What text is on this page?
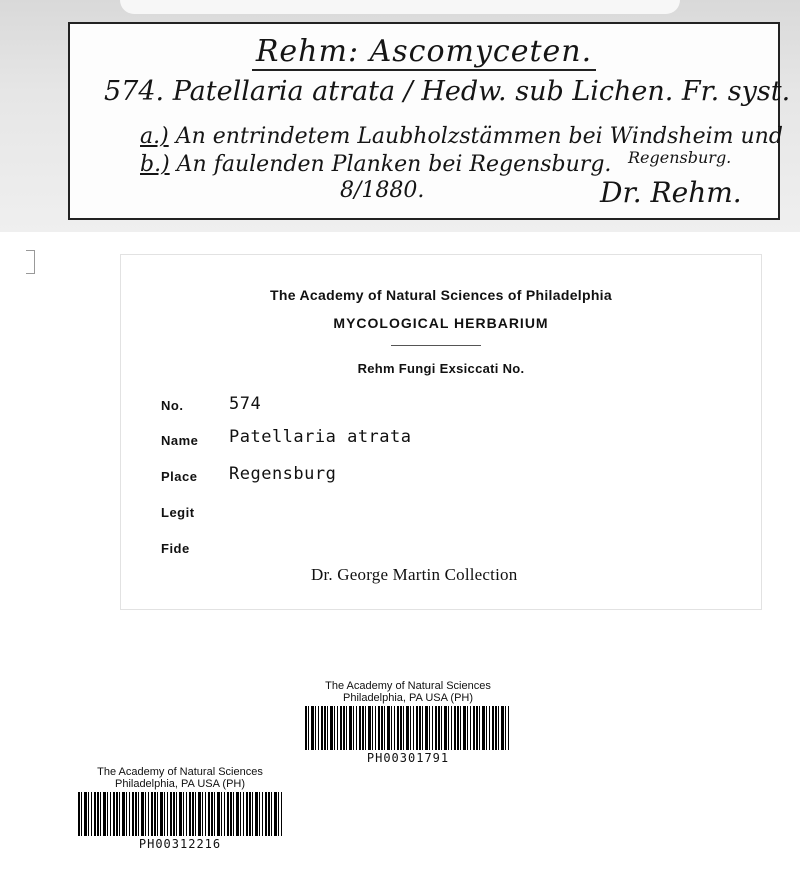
Rehm: Ascomyceten.
574. Patellaria atrata / Hedw. sub Lichen. Fr. syst.
a.) An entrindetem Laubholzstämmen bei Windsheim und
b.) An faulenden Planken bei Regensburg. Regensburg.
8/1880.	Dr. Rehm.
The Academy of Natural Sciences of Philadelphia
MYCOLOGICAL HERBARIUM
Rehm Fungi Exsiccati No.
No.	574
Name Patellaria atrata
Place Regensburg
Legit
Fide
Dr. George Martin Collection
The Academy of Natural Sciences
Philadelphia, PA USA (PH)
PH00301791
The Academy of Natural Sciences
Philadelphia, PA USA (PH)
PH00312216
